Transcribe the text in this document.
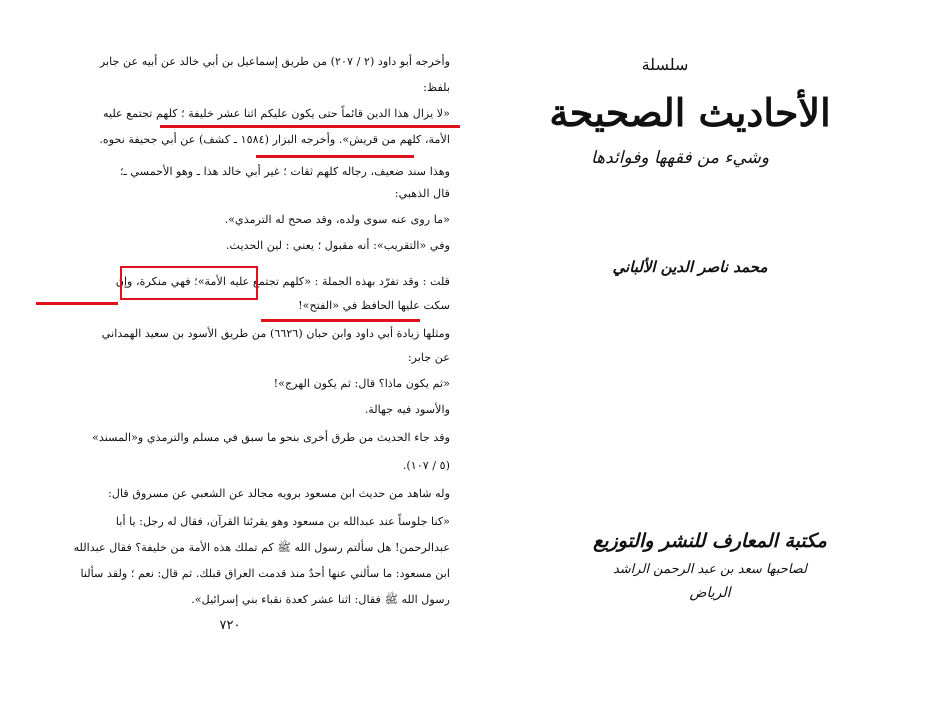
وأخرجه أبو داود (٢ / ٢٠٧) من طريق إسماعيل بن أبي خالد عن أبيه عن جابر
بلفظ:
«لا يزال هذا الدين قائماً حتى يكون عليكم اثنا عشر خليفة ؛ كلهم تجتمع عليه
الأمة، كلهم من قريش». وأخرجه البزار (١٥٨٤ ـ كشف) عن أبي جحيفة نحوه.
وهذا سند ضعيف، رجاله كلهم ثقات ؛ غير أبي خالد هذا ـ وهو الأحمسي ـ؛
قال الذهبي:
«ما روى عنه سوى ولده، وقد صحح له الترمذي».
وفي «التقريب»: أنه مقبول ؛ يعني : لين الحديث.
قلت : وقد تفرّد بهذه الجملة : «كلهم تجتمع عليه الأمة»؛ فهي منكرة، وإن
سكت عليها الحافظ في «الفتح»!
ومثلها زيادة أبي داود وابن حبان (٦٦٢٦) من طريق الأسود بن سعيد الهمداني
عن جابر:
«ثم يكون ماذا؟ قال: ثم يكون الهرج»!
والأسود فيه جهالة.
وقد جاء الحديث من طرق أخرى بنحو ما سبق في مسلم والترمذي و«المسند»
(٥ / ١٠٧).
وله شاهد من حديث ابن مسعود برويه مجالد عن الشعبي عن مسروق قال:
«كنا جلوساً عند عبدالله بن مسعود وهو يقرئنا القرآن، فقال له رجل: يا أبا
عبدالرحمن! هل سألتم رسول الله ﷺ كم تملك هذه الأمة من خليفة؟ فقال عبدالله
ابن مسعود: ما سألني عنها أحدٌ منذ قدمت العراق قبلك. ثم قال: نعم ؛ ولقد سألنا
رسول الله ﷺ فقال: اثنا عشر كعدة نقباء بني إسرائيل».
٧٢٠
سلسلة
الأحاديث الصحيحة
وشيء من فقهها وفوائدها
محمد ناصر الدين الألباني
مكتبة المعارف للنشر والتوزيع
لصاحبها سعد بن عبد الرحمن الراشد
الرياض
